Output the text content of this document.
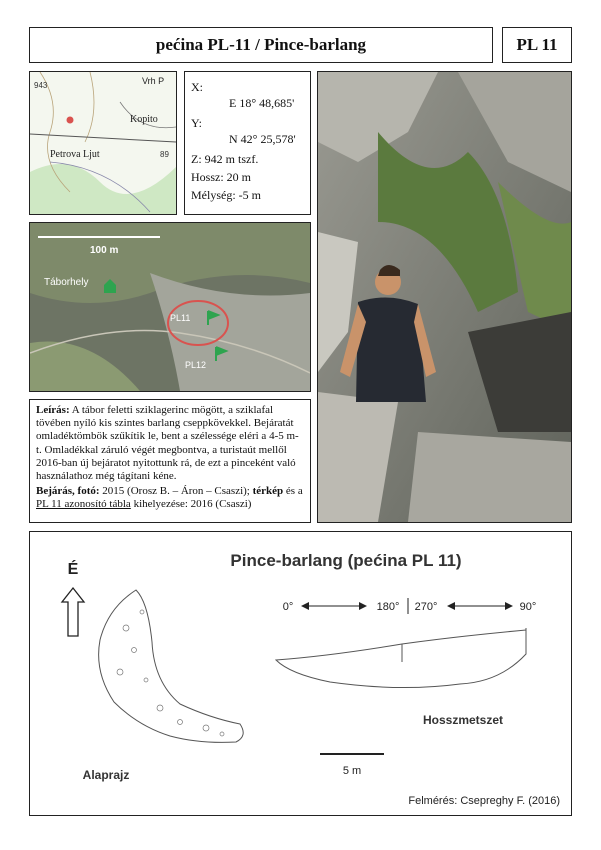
pećina PL-11 / Pince-barlang	PL 11
943	Vrh P
Kopito
Petrova Ljut	89
X:
E 18° 48,685'
Y:
N 42° 25,578'
Z: 942 m tszf.
Hossz: 20 m
Mélység: -5 m
100 m
Táborhely
PL11
PL12

Leírás: A tábor feletti sziklagerinc mögött, a sziklafal tövében nyíló kis szintes barlang cseppkövekkel. Bejáratát omladéktömbök szűkítik le, bent a szélessége eléri a 4-5 m-t. Omladékkal záruló végét megbontva, a turistaút mellől 2016-ban új bejáratot nyitottunk rá, de ezt a pinceként való használathoz még tágítani kéne.

Bejárás, fotó: 2015 (Orosz B. – Áron – Csaszi); térkép és a PL 11 azonosító tábla kihelyezése: 2016 (Csaszi)

Pince-barlang (pećina PL 11)
É
0°	180° 270°	90°
Hosszmetszet
Alaprajz	5 m
Felmérés: Csepreghy F. (2016)
